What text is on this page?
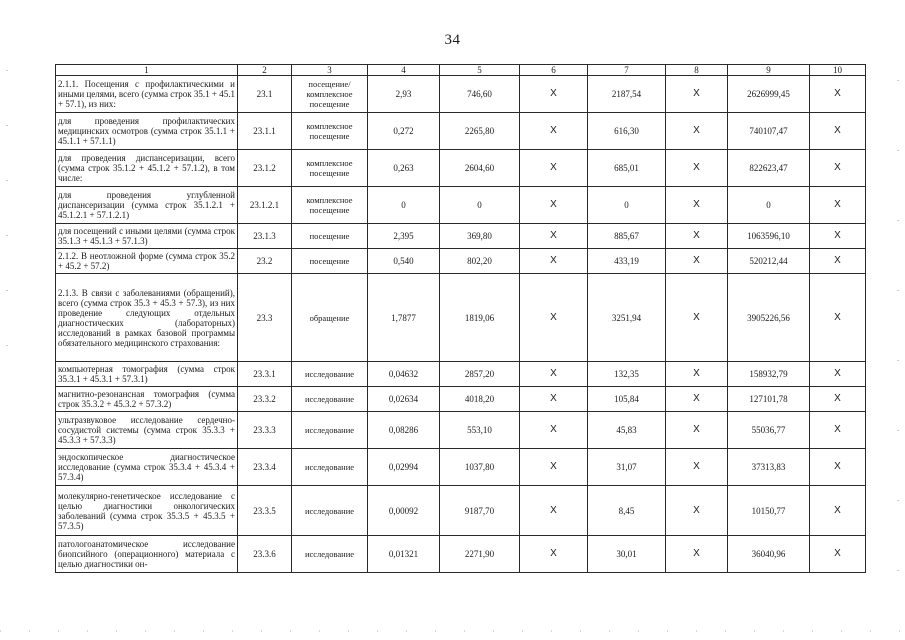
34
1	2	3	4	5	6	7	8	9	10
2.1.1. Посещения с профилактическими и иными целями, всего (сумма строк 35.1 + 45.1 + 57.1), из них:	23.1	посещение/ комплексное посещение	2,93	746,60	Х	2187,54	Х	2626999,45	Х
для проведения профилактических медицинских осмотров (сумма строк 35.1.1 + 45.1.1 + 57.1.1)	23.1.1	комплексное посещение	0,272	2265,80	Х	616,30	Х	740107,47	Х
для проведения диспансеризации, всего (сумма строк 35.1.2 + 45.1.2 + 57.1.2), в том числе:	23.1.2	комплексное посещение	0,263	2604,60	Х	685,01	Х	822623,47	Х
для проведения углубленной диспансеризации (сумма строк 35.1.2.1 + 45.1.2.1 + 57.1.2.1)	23.1.2.1	комплексное посещение	0	0	Х	0	Х	0	Х
для посещений с иными целями (сумма строк 35.1.3 + 45.1.3 + 57.1.3)	23.1.3	посещение	2,395	369,80	Х	885,67	Х	1063596,10	Х
2.1.2. В неотложной форме (сумма строк 35.2 + 45.2 + 57.2)	23.2	посещение	0,540	802,20	Х	433,19	Х	520212,44	Х
2.1.3. В связи с заболеваниями (обращений), всего (сумма строк 35.3 + 45.3 + 57.3), из них проведение следующих отдельных диагностических (лабораторных) исследований в рамках базовой программы обязательного медицинского страхования:	23.3	обращение	1,7877	1819,06	Х	3251,94	Х	3905226,56	Х
компьютерная томография (сумма строк 35.3.1 + 45.3.1 + 57.3.1)	23.3.1	исследование	0,04632	2857,20	Х	132,35	Х	158932,79	Х
магнитно-резонансная томография (сумма строк 35.3.2 + 45.3.2 + 57.3.2)	23.3.2	исследование	0,02634	4018,20	Х	105,84	Х	127101,78	Х
ультразвуковое исследование сердечно-сосудистой системы (сумма строк 35.3.3 + 45.3.3 + 57.3.3)	23.3.3	исследование	0,08286	553,10	Х	45,83	Х	55036,77	Х
эндоскопическое диагностическое исследование (сумма строк 35.3.4 + 45.3.4 + 57.3.4)	23.3.4	исследование	0,02994	1037,80	Х	31,07	Х	37313,83	Х
молекулярно-генетическое исследование с целью диагностики онкологических заболеваний (сумма строк 35.3.5 + 45.3.5 + 57.3.5)	23.3.5	исследование	0,00092	9187,70	Х	8,45	Х	10150,77	Х
патологоанатомическое исследование биопсийного (операционного) материала с целью диагностики он-	23.3.6	исследование	0,01321	2271,90	Х	30,01	Х	36040,96	Х
